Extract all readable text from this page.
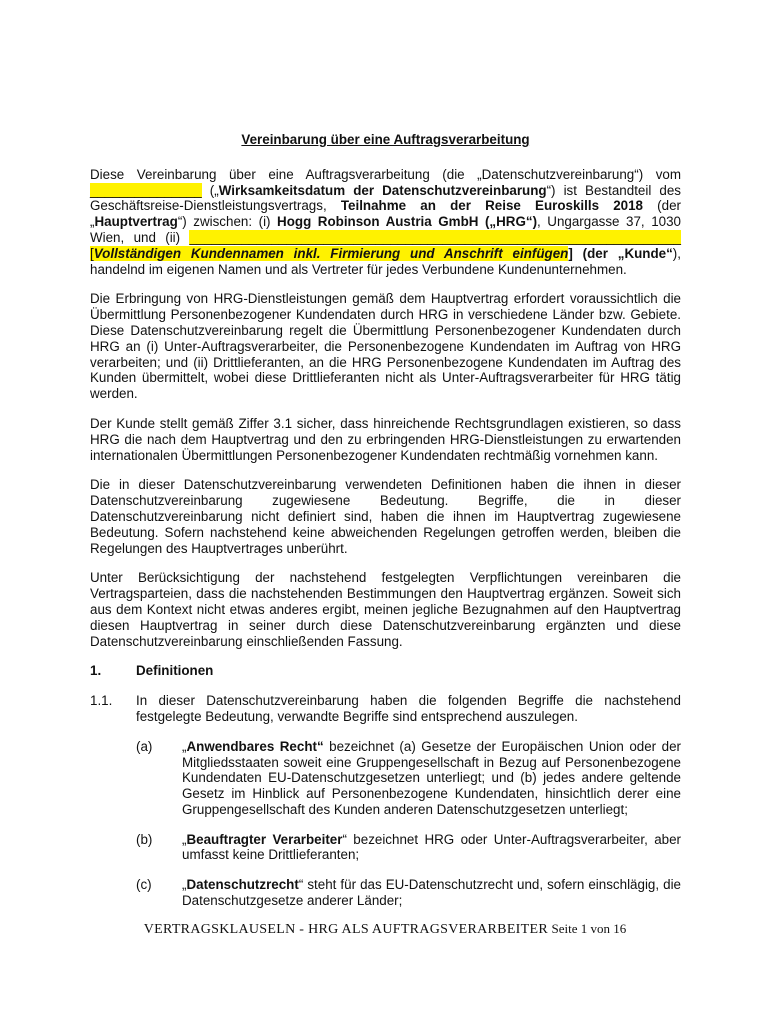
Vereinbarung über eine Auftragsverarbeitung

Diese Vereinbarung über eine Auftragsverarbeitung (die „Datenschutzvereinbarung“) vom _______________ („Wirksamkeitsdatum der Datenschutzvereinbarung“) ist Bestandteil des Geschäftsreise-Dienstleistungsvertrags, Teilnahme an der Reise Euroskills 2018 (der „Hauptvertrag“) zwischen: (i) Hogg Robinson Austria GmbH („HRG“), Ungargasse 37, 1030 Wien, und (ii) __________________________________________________________________ [Vollständigen Kundennamen inkl. Firmierung und Anschrift einfügen] (der „Kunde“), handelnd im eigenen Namen und als Vertreter für jedes Verbundene Kundenunternehmen.

Die Erbringung von HRG-Dienstleistungen gemäß dem Hauptvertrag erfordert voraussichtlich die Übermittlung Personenbezogener Kundendaten durch HRG in verschiedene Länder bzw. Gebiete. Diese Datenschutzvereinbarung regelt die Übermittlung Personenbezogener Kundendaten durch HRG an (i) Unter-Auftragsverarbeiter, die Personenbezogene Kundendaten im Auftrag von HRG verarbeiten; und (ii) Drittlieferanten, an die HRG Personenbezogene Kundendaten im Auftrag des Kunden übermittelt, wobei diese Drittlieferanten nicht als Unter-Auftragsverarbeiter für HRG tätig werden.

Der Kunde stellt gemäß Ziffer 3.1 sicher, dass hinreichende Rechtsgrundlagen existieren, so dass HRG die nach dem Hauptvertrag und den zu erbringenden HRG-Dienstleistungen zu erwartenden internationalen Übermittlungen Personenbezogener Kundendaten rechtmäßig vornehmen kann.

Die in dieser Datenschutzvereinbarung verwendeten Definitionen haben die ihnen in dieser Datenschutzvereinbarung zugewiesene Bedeutung. Begriffe, die in dieser Datenschutzvereinbarung nicht definiert sind, haben die ihnen im Hauptvertrag zugewiesene Bedeutung. Sofern nachstehend keine abweichenden Regelungen getroffen werden, bleiben die Regelungen des Hauptvertrages unberührt.

Unter Berücksichtigung der nachstehend festgelegten Verpflichtungen vereinbaren die Vertragsparteien, dass die nachstehenden Bestimmungen den Hauptvertrag ergänzen. Soweit sich aus dem Kontext nicht etwas anderes ergibt, meinen jegliche Bezugnahmen auf den Hauptvertrag diesen Hauptvertrag in seiner durch diese Datenschutzvereinbarung ergänzten und diese Datenschutzvereinbarung einschließenden Fassung.

1.	Definitionen
1.1.	In dieser Datenschutzvereinbarung haben die folgenden Begriffe die nachstehend festgelegte Bedeutung, verwandte Begriffe sind entsprechend auszulegen.
(a)	„Anwendbares Recht“ bezeichnet (a) Gesetze der Europäischen Union oder der Mitgliedsstaaten soweit eine Gruppengesellschaft in Bezug auf Personenbezogene Kundendaten EU-Datenschutzgesetzen unterliegt; und (b) jedes andere geltende Gesetz im Hinblick auf Personenbezogene Kundendaten, hinsichtlich derer eine Gruppengesellschaft des Kunden anderen Datenschutzgesetzen unterliegt;
(b)	„Beauftragter Verarbeiter“ bezeichnet HRG oder Unter-Auftragsverarbeiter, aber umfasst keine Drittlieferanten;
(c)	„Datenschutzrecht“ steht für das EU-Datenschutzrecht und, sofern einschlägig, die Datenschutzgesetze anderer Länder;
VERTRAGSKLAUSELN - HRG ALS AUFTRAGSVERARBEITER Seite 1 von 16
